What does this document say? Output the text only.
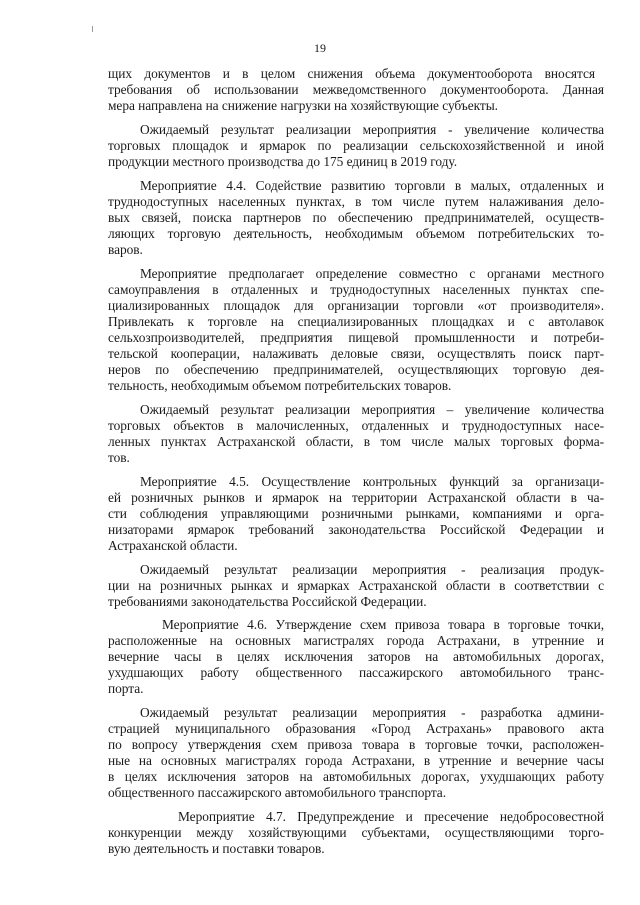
19
щих документов и в целом снижения объема документооборота вносятся
требования об использовании межведомственного документооборота. Данная
мера направлена на снижение нагрузки на хозяйствующие субъекты.
Ожидаемый результат реализации мероприятия - увеличение количества
торговых площадок и ярмарок по реализации сельскохозяйственной и иной
продукции местного производства до 175 единиц в 2019 году.
Мероприятие 4.4. Содействие развитию торговли в малых, отдаленных и
труднодоступных населенных пунктах, в том числе путем налаживания дело-
вых связей, поиска партнеров по обеспечению предпринимателей, осуществ-
ляющих торговую деятельность, необходимым объемом потребительских то-
варов.
Мероприятие предполагает определение совместно с органами местного
самоуправления в отдаленных и труднодоступных населенных пунктах спе-
циализированных площадок для организации торговли «от производителя».
Привлекать к торговле на специализированных площадках и с автолавок
сельхозпроизводителей, предприятия пищевой промышленности и потреби-
тельской кооперации, налаживать деловые связи, осуществлять поиск парт-
неров по обеспечению предпринимателей, осуществляющих торговую дея-
тельность, необходимым объемом потребительских товаров.
Ожидаемый результат реализации мероприятия – увеличение количества
торговых объектов в малочисленных, отдаленных и труднодоступных насе-
ленных пунктах Астраханской области, в том числе малых торговых форма-
тов.
Мероприятие 4.5. Осуществление контрольных функций за организаци-
ей розничных рынков и ярмарок на территории Астраханской области в ча-
сти соблюдения управляющими розничными рынками, компаниями и орга-
низаторами ярмарок требований законодательства Российской Федерации и
Астраханской области.
Ожидаемый результат реализации мероприятия - реализация продук-
ции на розничных рынках и ярмарках Астраханской области в соответствии с
требованиями законодательства Российской Федерации.
Мероприятие 4.6. Утверждение схем привоза товара в торговые точки,
расположенные на основных магистралях города Астрахани, в утренние и
вечерние часы в целях исключения заторов на автомобильных дорогах,
ухудшающих работу общественного пассажирского автомобильного транс-
порта.
Ожидаемый результат реализации мероприятия - разработка админи-
страцией муниципального образования «Город Астрахань» правового акта
по вопросу утверждения схем привоза товара в торговые точки, расположен-
ные на основных магистралях города Астрахани, в утренние и вечерние часы
в целях исключения заторов на автомобильных дорогах, ухудшающих работу
общественного пассажирского автомобильного транспорта.
Мероприятие 4.7. Предупреждение и пресечение недобросовестной
конкуренции между хозяйствующими субъектами, осуществляющими торго-
вую деятельность и поставки товаров.
